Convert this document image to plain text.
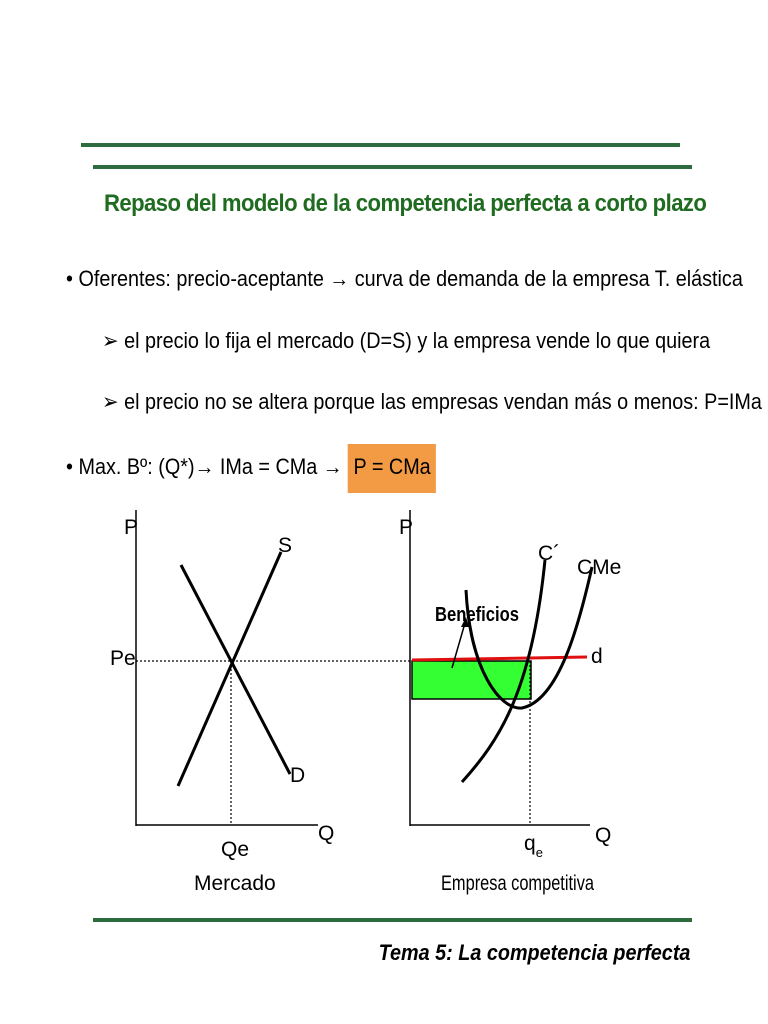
Repaso del modelo de la competencia perfecta a corto plazo
• Oferentes: precio-aceptante → curva de demanda de la empresa T. elástica
➢ el precio lo fija el mercado (D=S) y la empresa vende lo que quiera
➢ el precio no se altera porque las empresas vendan más o menos: P=IMa
• Max. Bº: (Q*)→ IMa = CMa → P = CMa
P
S
D
Pe
Q
Qe
Mercado
P
C´
CMe
Beneficios
d
Q
$q_e$
Empresa competitiva
Tema 5: La competencia perfecta
